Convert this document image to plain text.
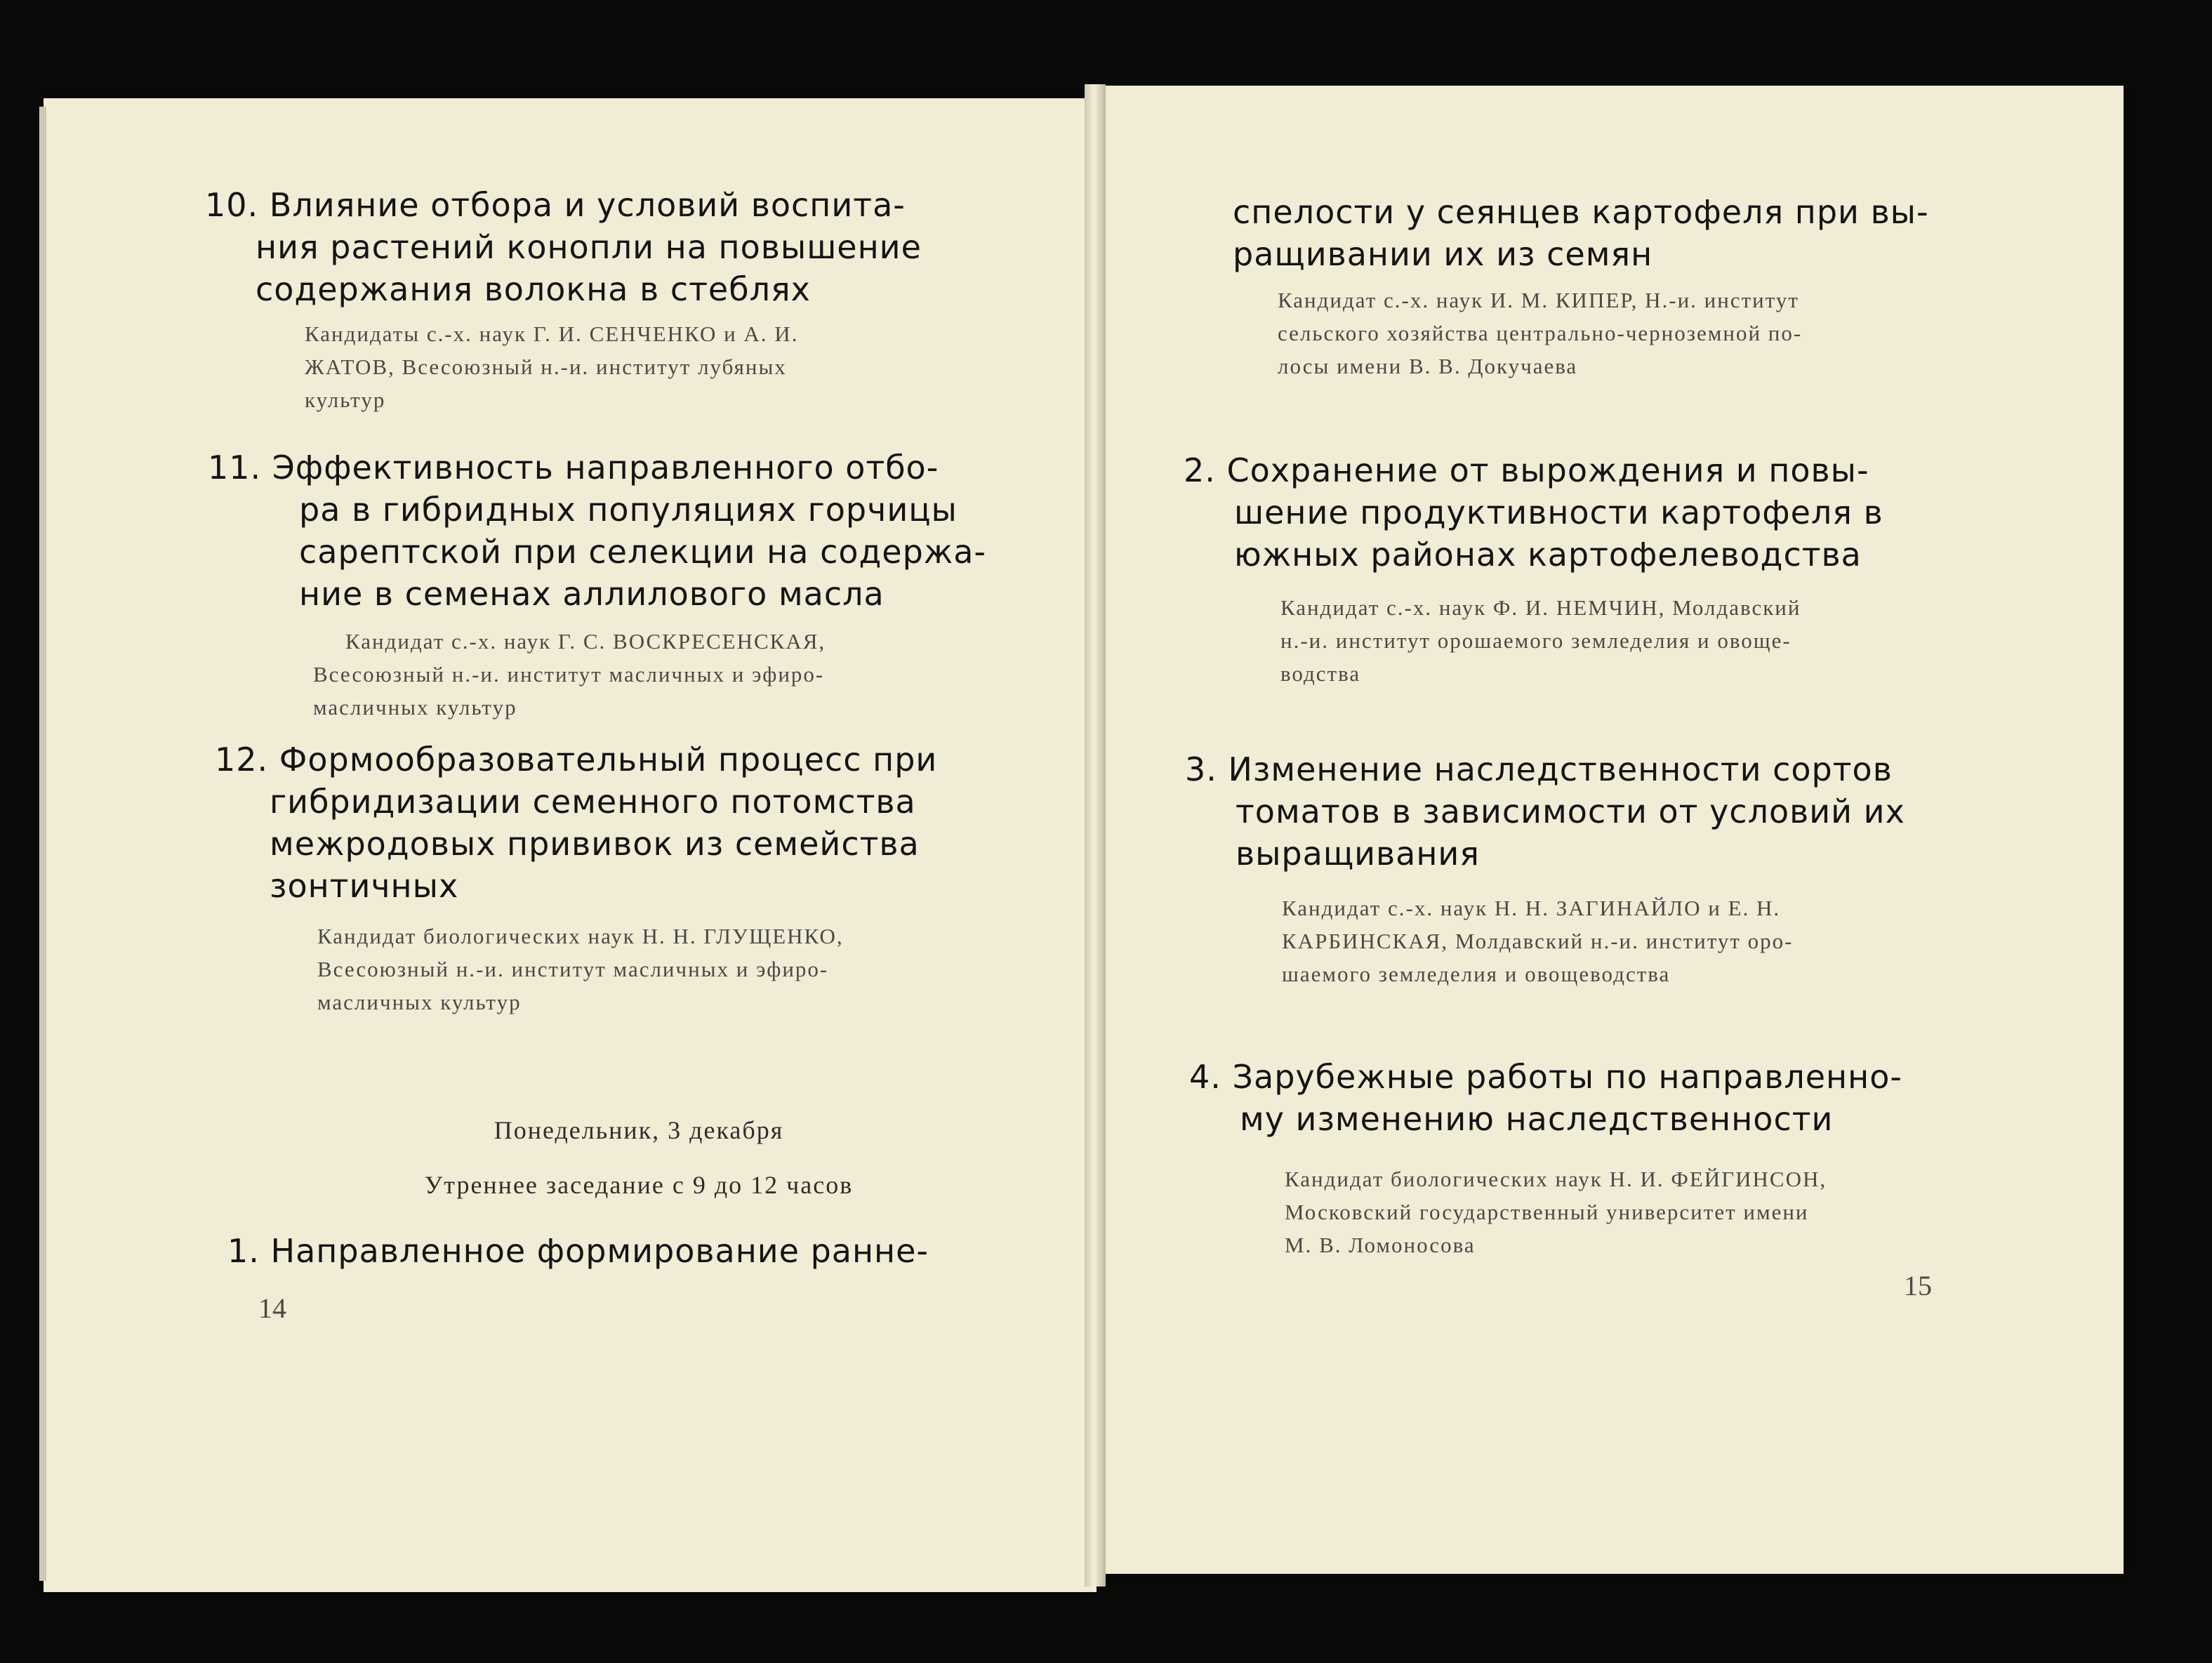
10. Влияние отбора и условий воспита-
ния растений конопли на повышение
содержания волокна в стеблях
Кандидаты с.-х. наук Г. И. СЕНЧЕНКО и А. И.
ЖАТОВ, Всесоюзный н.-и. институт лубяных
культур
11. Эффективность направленного отбо-
ра в гибридных популяциях горчицы
сарептской при селекции на содержа-
ние в семенах аллилового масла
Кандидат с.-х. наук Г. С. ВОСКРЕСЕНСКАЯ,
Всесоюзный н.-и. институт масличных и эфиро-
масличных культур
12. Формообразовательный процесс при
гибридизации семенного потомства
межродовых прививок из семейства
зонтичных
Кандидат биологических наук Н. Н. ГЛУЩЕНКО,
Всесоюзный н.-и. институт масличных и эфиро-
масличных культур
Понедельник, 3 декабря
Утреннее заседание с 9 до 12 часов
1. Направленное формирование ранне-
14
спелости у сеянцев картофеля при вы-
ращивании их из семян
Кандидат с.-х. наук И. М. КИПЕР, Н.-и. институт
сельского хозяйства центрально-черноземной по-
лосы имени В. В. Докучаева
2. Сохранение от вырождения и повы-
шение продуктивности картофеля в
южных районах картофелеводства
Кандидат с.-х. наук Ф. И. НЕМЧИН, Молдавский
н.-и. институт орошаемого земледелия и овоще-
водства
3. Изменение наследственности сортов
томатов в зависимости от условий их
выращивания
Кандидат с.-х. наук Н. Н. ЗАГИНАЙЛО и Е. Н.
КАРБИНСКАЯ, Молдавский н.-и. институт оро-
шаемого земледелия и овощеводства
4. Зарубежные работы по направленно-
му изменению наследственности
Кандидат биологических наук Н. И. ФЕЙГИНСОН,
Московский государственный университет имени
М. В. Ломоносова
15
